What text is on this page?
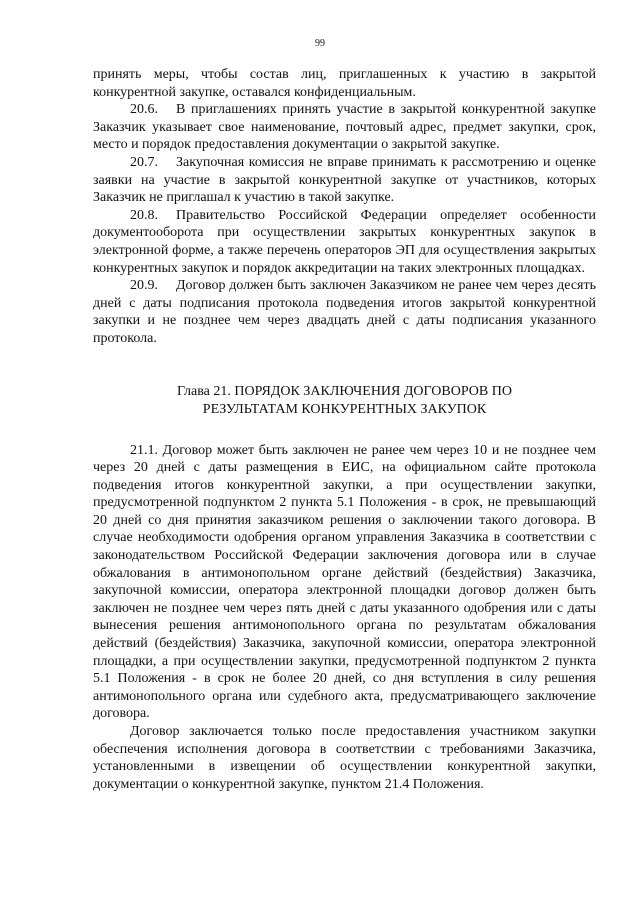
99

принять меры, чтобы состав лиц, приглашенных к участию в закрытой конкурентной закупке, оставался конфиденциальным.

20.6. В приглашениях принять участие в закрытой конкурентной закупке Заказчик указывает свое наименование, почтовый адрес, предмет закупки, срок, место и порядок предоставления документации о закрытой закупке.

20.7. Закупочная комиссия не вправе принимать к рассмотрению и оценке заявки на участие в закрытой конкурентной закупке от участников, которых Заказчик не приглашал к участию в такой закупке.

20.8. Правительство Российской Федерации определяет особенности документооборота при осуществлении закрытых конкурентных закупок в электронной форме, а также перечень операторов ЭП для осуществления закрытых конкурентных закупок и порядок аккредитации на таких электронных площадках.

20.9. Договор должен быть заключен Заказчиком не ранее чем через десять дней с даты подписания протокола подведения итогов закрытой конкурентной закупки и не позднее чем через двадцать дней с даты подписания указанного протокола.

Глава 21. ПОРЯДОК ЗАКЛЮЧЕНИЯ ДОГОВОРОВ ПО
РЕЗУЛЬТАТАМ КОНКУРЕНТНЫХ ЗАКУПОК

21.1. Договор может быть заключен не ранее чем через 10 и не позднее чем через 20 дней с даты размещения в ЕИС, на официальном сайте протокола подведения итогов конкурентной закупки, а при осуществлении закупки, предусмотренной подпунктом 2 пункта 5.1 Положения - в срок, не превышающий 20 дней со дня принятия заказчиком решения о заключении такого договора. В случае необходимости одобрения органом управления Заказчика в соответствии с законодательством Российской Федерации заключения договора или в случае обжалования в антимонопольном органе действий (бездействия) Заказчика, закупочной комиссии, оператора электронной площадки договор должен быть заключен не позднее чем через пять дней с даты указанного одобрения или с даты вынесения решения антимонопольного органа по результатам обжалования действий (бездействия) Заказчика, закупочной комиссии, оператора электронной площадки, а при осуществлении закупки, предусмотренной подпунктом 2 пункта 5.1 Положения - в срок не более 20 дней, со дня вступления в силу решения антимонопольного органа или судебного акта, предусматривающего заключение договора.

Договор заключается только после предоставления участником закупки обеспечения исполнения договора в соответствии с требованиями Заказчика, установленными в извещении об осуществлении конкурентной закупки, документации о конкурентной закупке, пунктом 21.4 Положения.
